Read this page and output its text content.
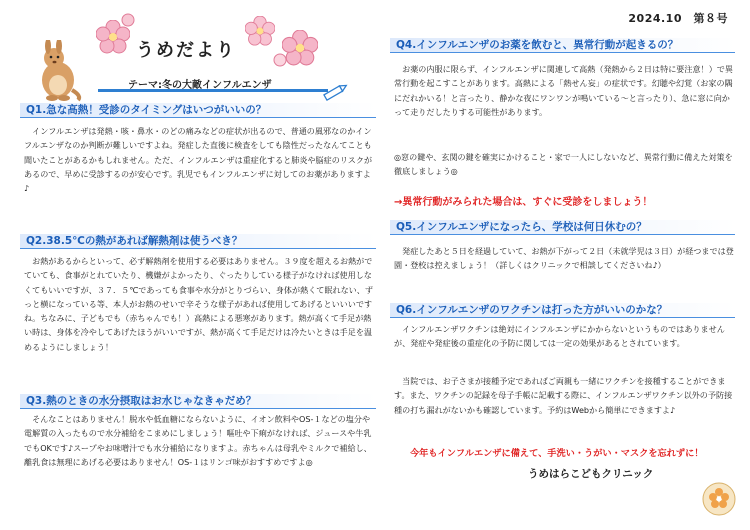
2024.10　第８号
うめだより
テーマ:冬の大敵インフルエンザ
Q1.急な高熱！受診のタイミングはいつがいいの？
インフルエンザは発熱・咳・鼻水・のどの痛みなどの症状が出るので、普通の風邪なのかインフルエンザなのか判断が難しいですよね。発症した直後に検査をしても陰性だったなんてことも聞いたことがあるかもしれません。ただ、インフルエンザは重症化すると肺炎や脳症のリスクがあるので、早めに受診するのが安心です。乳児でもインフルエンザに対してのお薬がありますよ♪
Q2.38.5℃の熱があれば解熱剤は使うべき？
お熱があるからといって、必ず解熱剤を使用する必要はありません。３９度を超えるお熱がでていても、食事がとれていたり、機嫌がよかったり、ぐったりしている様子がなければ使用しなくてもいいですが、３７．５℃であっても食事や水分がとりづらい、身体が熱くて眠れない、ずっと横になっている等、本人がお熱のせいで辛そうな様子があれば使用してあげるといいいですね。ちなみに、子どもでも（赤ちゃんでも！）高熱による悪寒があります。熱が高くて手足が熱い時は、身体を冷やしてあげたほうがいいですが、熱が高くて手足だけは冷たいときは手足を温めるようにしましょう！
Q3.熱のときの水分摂取はお水じゃなきゃだめ？
そんなことはありません！脱水や低血糖にならないように、イオン飲料やOS-１などの塩分や電解質の入ったもので水分補給をこまめにしましょう！嘔吐や下痢がなければ、ジュースや牛乳でもOKです♪スープやお味噌汁でも水分補給になりますよ。赤ちゃんは母乳やミルクで補給し、離乳食は無理にあげる必要はありません！OS-１はリンゴ味がおすすめですよ◎
Q4.インフルエンザのお薬を飲むと、異常行動が起きるの？
お薬の内服に限らず、インフルエンザに関連して高熱（発熱から２日は特に要注意！）で異常行動を起こすことがあります。高熱による「熱せん妄」の症状です。幻聴や幻覚（お家の隅にだれかいる！と言ったり、静かな夜にワンワンが鳴いている～と言ったり）、急に窓に向かって走りだしたりする可能性があります。
◎窓の鍵や、玄関の鍵を確実にかけること・家で一人にしないなど、異常行動に備えた対策を徹底しましょう◎
→異常行動がみられた場合は、すぐに受診をしましょう！
Q5.インフルエンザになったら、学校は何日休むの？
発症したあと５日を経過していて、お熱が下がって２日（未就学児は３日）が経つまでは登園・登校は控えましょう！（詳しくはクリニックで相談してくださいね♪）
Q6.インフルエンザのワクチンは打った方がいいのかな？
インフルエンザワクチンは絶対にインフルエンザにかからないというものではありませんが、発症や発症後の重症化の予防に関しては一定の効果があるとされています。
当院では、お子さまが接種予定であればご両親も一緒にワクチンを接種することができます。また、ワクチンの記録を母子手帳に記載する際に、インフルエンザワクチン以外の予防接種の打ち漏れがないかも確認しています。予約はWebから簡単にできますよ♪
今年もインフルエンザに備えて、手洗い・うがい・マスクを忘れずに！
うめはらこどもクリニック
